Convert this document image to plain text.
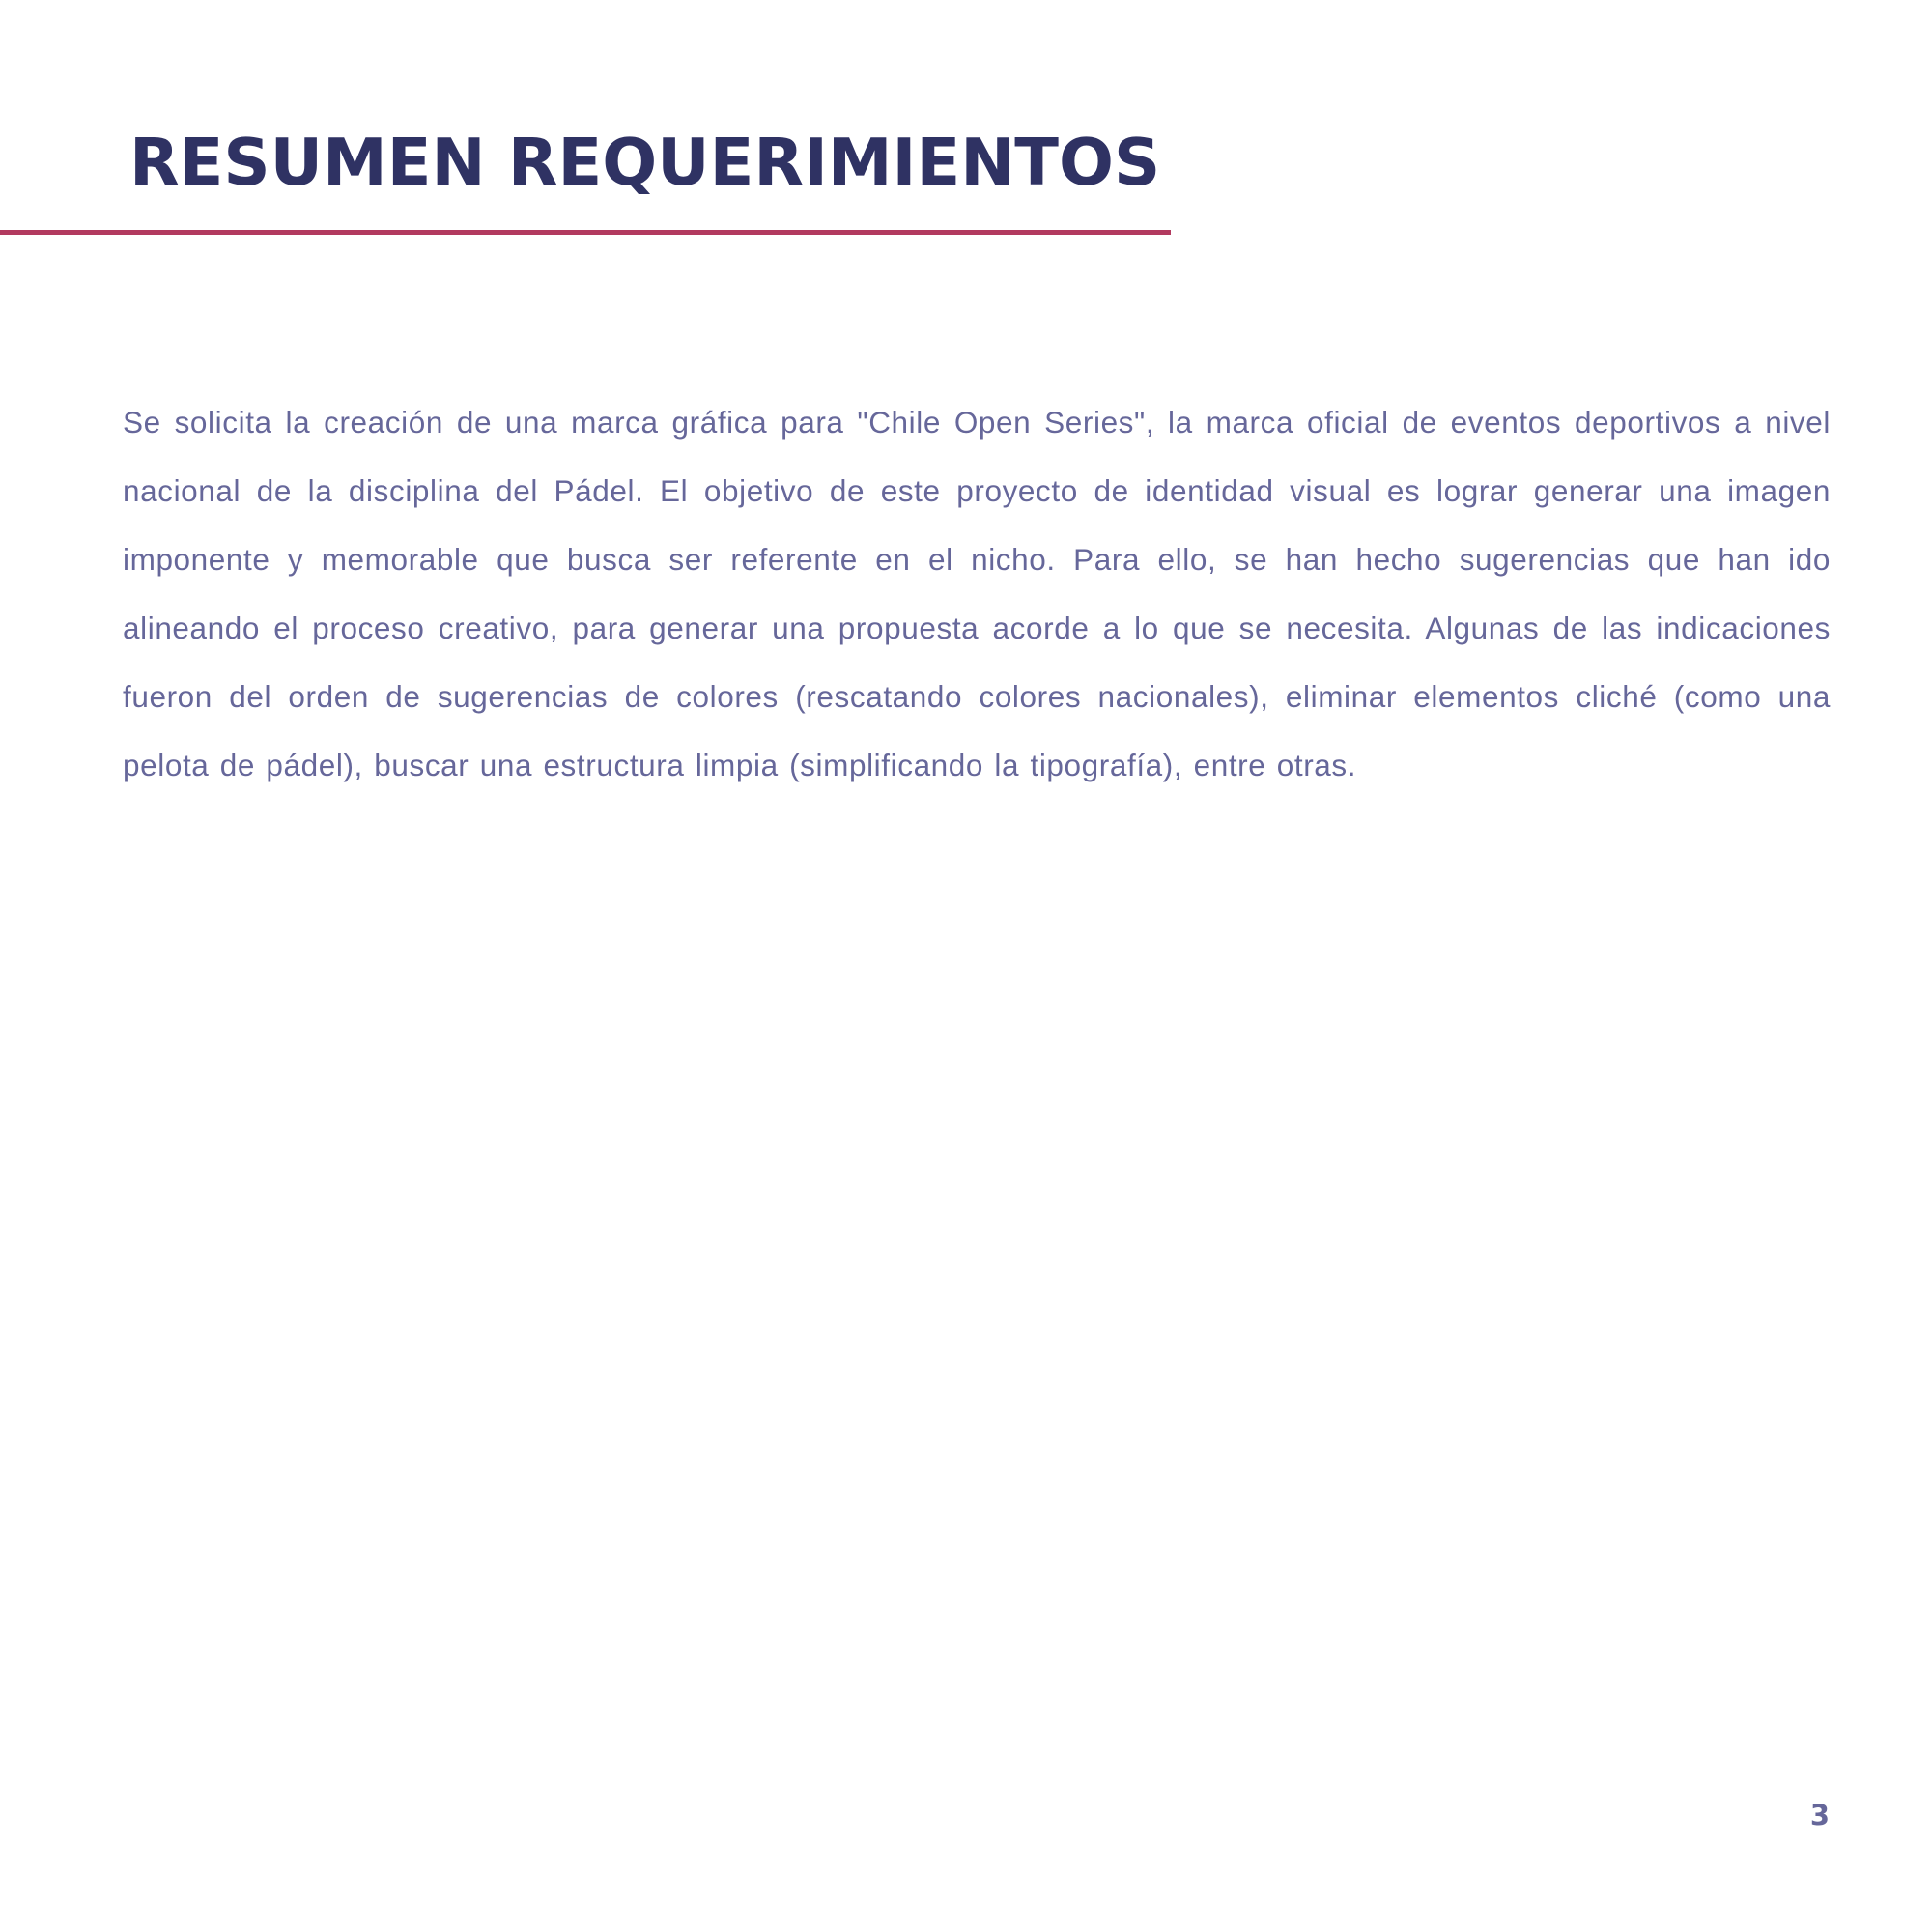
RESUMEN REQUERIMIENTOS

Se solicita la creación de una marca gráfica para "Chile Open Series", la marca oficial de eventos deportivos a nivel nacional de la disciplina del Pádel. El objetivo de este proyecto de identidad visual es lograr generar una imagen imponente y memorable que busca ser referente en el nicho. Para ello, se han hecho sugerencias que han ido alineando el proceso creativo, para generar una propuesta acorde a lo que se necesita. Algunas de las indicaciones fueron del orden de sugerencias de colores (rescatando colores nacionales), eliminar elementos cliché (como una pelota de pádel), buscar una estructura limpia (simplificando la tipografía), entre otras.

3
